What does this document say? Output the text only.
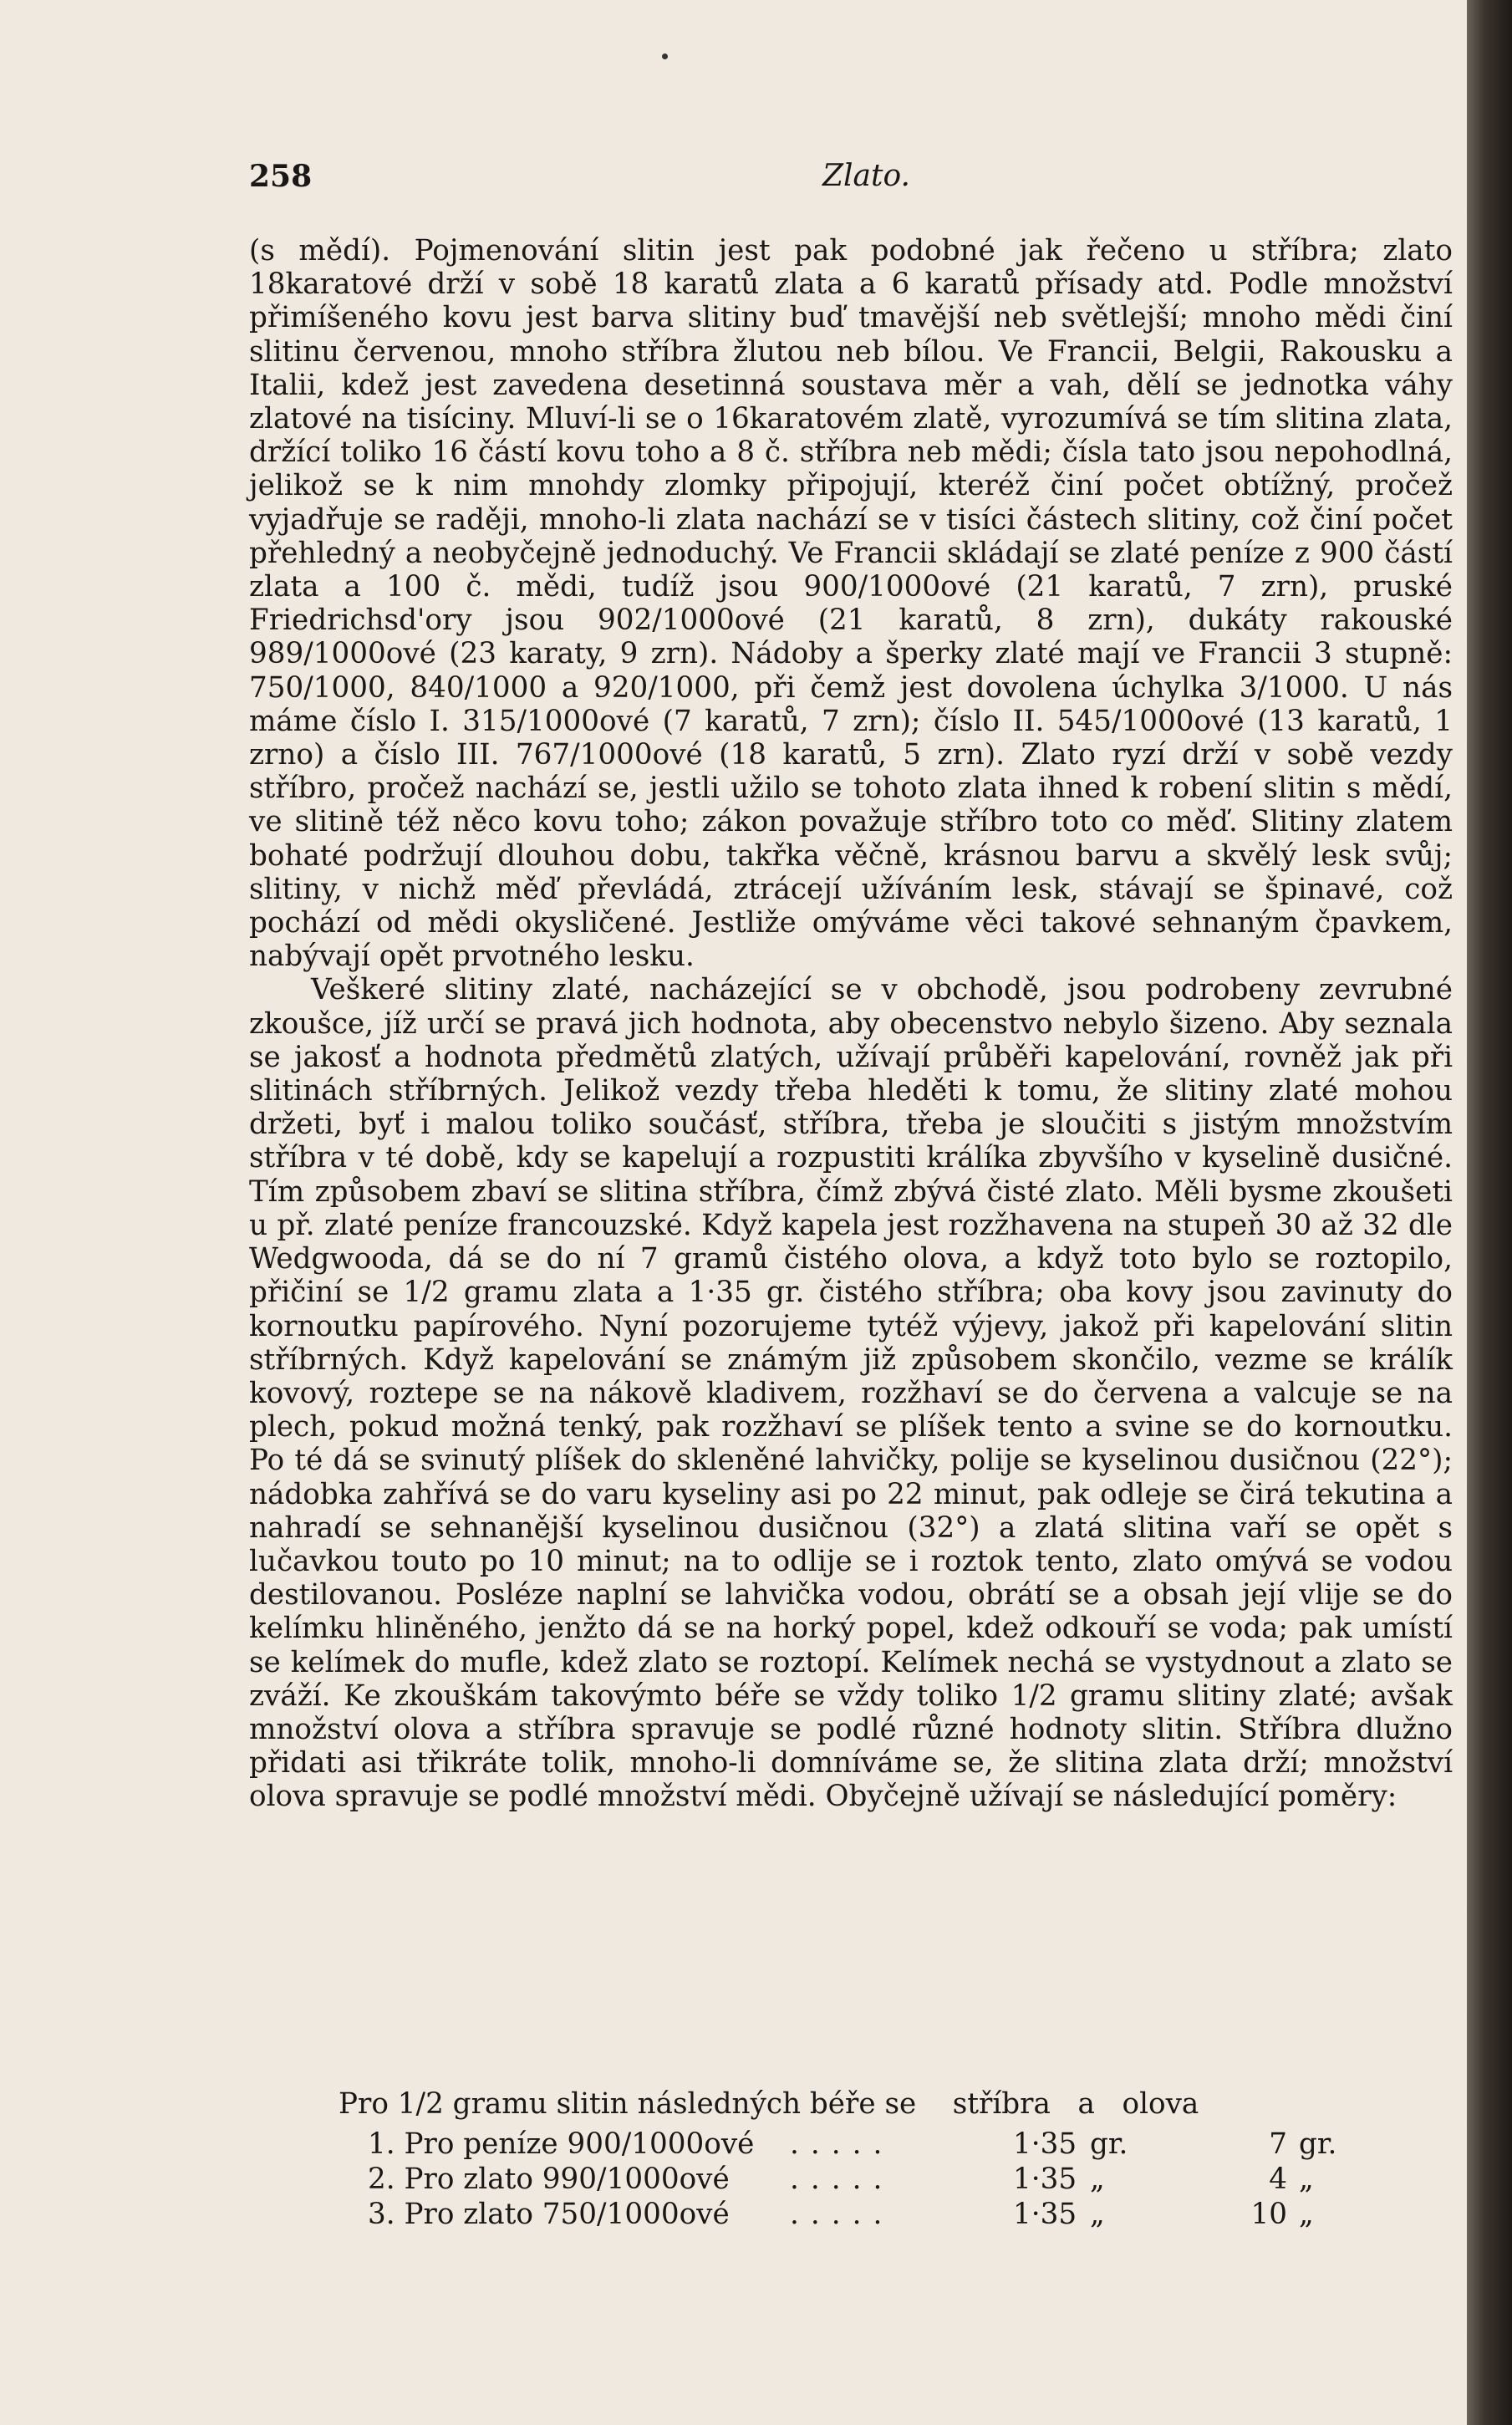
258	Zlato.

(s mědí). Pojmenování slitin jest pak podobné jak řečeno u stříbra; zlato 18karatové drží v sobě 18 karatů zlata a 6 karatů přísady atd. Podle množství přimíšeného kovu jest barva slitiny buď tmavější neb světlejší; mnoho mědi činí slitinu červenou, mnoho stříbra žlutou neb bílou. Ve Francii, Belgii, Rakousku a Italii, kdež jest zavedena desetinná soustava měr a vah, dělí se jednotka váhy zlatové na tisíciny. Mluví-li se o 16karatovém zlatě, vyrozumívá se tím slitina zlata, držící toliko 16 částí kovu toho a 8 č. stříbra neb mědi; čísla tato jsou nepohodlná, jelikož se k nim mnohdy zlomky připojují, kteréž činí počet obtížný, pročež vyjadřuje se raději, mnoho-li zlata nachází se v tisíci částech slitiny, což činí počet přehledný a neobyčejně jednoduchý. Ve Francii skládají se zlaté peníze z 900 částí zlata a 100 č. mědi, tudíž jsou 900/1000ové (21 karatů, 7 zrn), pruské Friedrichsd'ory jsou 902/1000ové (21 karatů, 8 zrn), dukáty rakouské 989/1000ové (23 karaty, 9 zrn). Nádoby a šperky zlaté mají ve Francii 3 stupně: 750/1000, 840/1000 a 920/1000, při čemž jest dovolena úchylka 3/1000. U nás máme číslo I. 315/1000ové (7 karatů, 7 zrn); číslo II. 545/1000ové (13 karatů, 1 zrno) a číslo III. 767/1000ové (18 karatů, 5 zrn). Zlato ryzí drží v sobě vezdy stříbro, pročež nachází se, jestli užilo se tohoto zlata ihned k robení slitin s mědí, ve slitině též něco kovu toho; zákon považuje stříbro toto co měď. Slitiny zlatem bohaté podržují dlouhou dobu, takřka věčně, krásnou barvu a skvělý lesk svůj; slitiny, v nichž měď převládá, ztrácejí užíváním lesk, stávají se špinavé, což pochází od mědi okysličené. Jestliže omýváme věci takové sehnaným čpavkem, nabývají opět prvotného lesku.

Veškeré slitiny zlaté, nacházející se v obchodě, jsou podrobeny zevrubné zkoušce, jíž určí se pravá jich hodnota, aby obecenstvo nebylo šizeno. Aby seznala se jakosť a hodnota předmětů zlatých, užívají průběři kapelování, rovněž jak při slitinách stříbrných. Jelikož vezdy třeba hleděti k tomu, že slitiny zlaté mohou držeti, byť i malou toliko součásť, stříbra, třeba je sloučiti s jistým množstvím stříbra v té době, kdy se kapelují a rozpustiti králíka zbyvšího v kyselině dusičné. Tím způsobem zbaví se slitina stříbra, čímž zbývá čisté zlato. Měli bysme zkoušeti u př. zlaté peníze francouzské. Když kapela jest rozžhavena na stupeň 30 až 32 dle Wedgwooda, dá se do ní 7 gramů čistého olova, a když toto bylo se roztopilo, přičiní se 1/2 gramu zlata a 1·35 gr. čistého stříbra; oba kovy jsou zavinuty do kornoutku papírového. Nyní pozorujeme tytéž výjevy, jakož při kapelování slitin stříbrných. Když kapelování se známým již způsobem skončilo, vezme se králík kovový, roztepe se na nákově kladivem, rozžhaví se do červena a valcuje se na plech, pokud možná tenký, pak rozžhaví se plíšek tento a svine se do kornoutku. Po té dá se svinutý plíšek do skleněné lahvičky, polije se kyselinou dusičnou (22°); nádobka zahřívá se do varu kyseliny asi po 22 minut, pak odleje se čirá tekutina a nahradí se sehnanější kyselinou dusičnou (32°) a zlatá slitina vaří se opět s lučavkou touto po 10 minut; na to odlije se i roztok tento, zlato omývá se vodou destilovanou. Posléze naplní se lahvička vodou, obrátí se a obsah její vlije se do kelímku hliněného, jenžto dá se na horký popel, kdež odkouří se voda; pak umístí se kelímek do mufle, kdež zlato se roztopí. Kelímek nechá se vystydnout a zlato se zváží. Ke zkouškám takovýmto béře se vždy toliko 1/2 gramu slitiny zlaté; avšak množství olova a stříbra spravuje se podlé různé hodnoty slitin. Stříbra dlužno přidati asi třikráte tolik, mnoho-li domníváme se, že slitina zlata drží; množství olova spravuje se podlé množství mědi. Obyčejně užívají se následující poměry:

Pro 1/2 gramu slitin následných béře se    stříbra   a   olova
1. Pro peníze 900/1000ové .....	1·35 gr.	7 gr.
2. Pro zlato 990/1000ové .....	1·35 „	4 „
3. Pro zlato 750/1000ové .....	1·35 „	10 „
